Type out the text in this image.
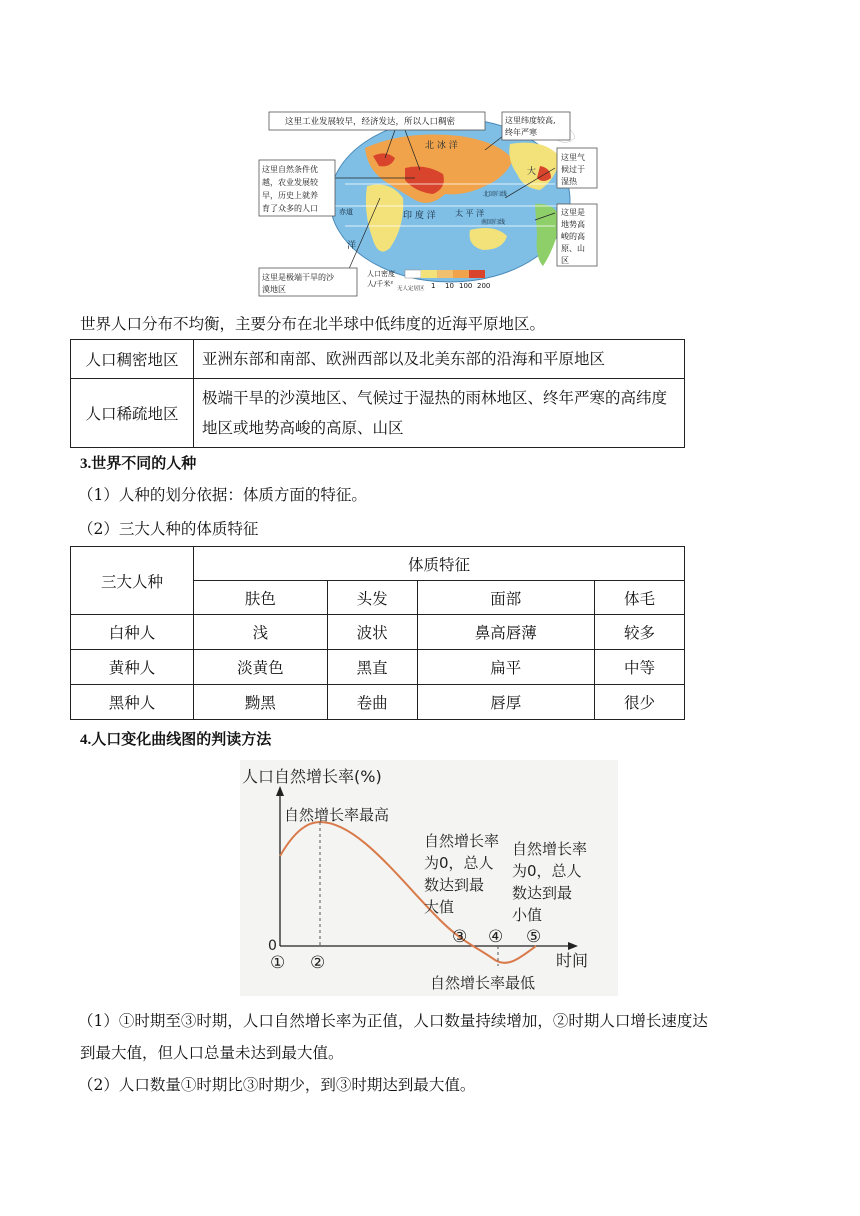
北 冰 洋
大
洋
印 度 洋 太 平 洋
赤道
北回归线
南回归线
这里工业发展较早，经济发达，所以人口稠密	这里纬度较高,
终年严寒
这里自然条件优
越，农业发展较
早，历史上就养
育了众多的人口
这里气
候过于
湿热
这里是
地势高
峻的高
原、山
区
这里是极端干旱的沙
漠地区
人口密度
人/千米²
无人定居区 1 10 100 200
世界人口分布不均衡，主要分布在北半球中低纬度的近海平原地区。
人口稠密地区	亚洲东部和南部、欧洲西部以及北美东部的沿海和平原地区
人口稀疏地区	极端干旱的沙漠地区、气候过于湿热的雨林地区、终年严寒的高纬度地区或地势高峻的高原、山区
3.世界不同的人种
（1）人种的划分依据：体质方面的特征。
（2）三大人种的体质特征
三大人种	体质特征			
	肤色	头发	面部	体毛
白种人	浅	波状	鼻高唇薄	较多
黄种人	淡黄色	黑直	扁平	中等
黑种人	黝黑	卷曲	唇厚	很少
4.人口变化曲线图的判读方法
人口自然增长率(%)
0
时间
自然增长率最高
自然增长率
为0，总人
数达到最
大值
自然增长率
为0，总人
数达到最
小值
自然增长率最低
① ②
③ ④ ⑤
（1）①时期至③时期，人口自然增长率为正值，人口数量持续增加，②时期人口增长速度达
到最大值，但人口总量未达到最大值。
（2）人口数量①时期比③时期少，到③时期达到最大值。
